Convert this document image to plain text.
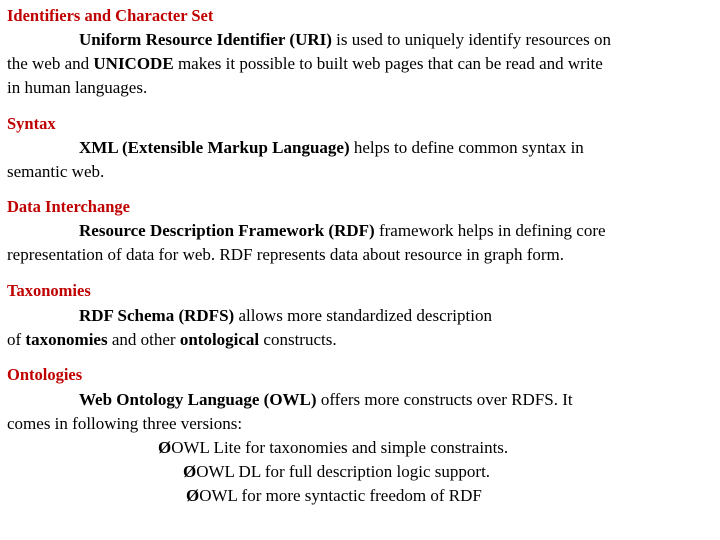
Identifiers and Character Set
Uniform Resource Identifier (URI) is used to uniquely identify resources on
the web and UNICODE makes it possible to built web pages that can be read and write
in human languages.
Syntax
XML (Extensible Markup Language) helps to define common syntax in
semantic web.
Data Interchange
Resource Description Framework (RDF) framework helps in defining core
representation of data for web. RDF represents data about resource in graph form.
Taxonomies
RDF Schema (RDFS) allows more standardized description
of taxonomies and other ontological constructs.
Ontologies
Web Ontology Language (OWL) offers more constructs over RDFS. It
comes in following three versions:
ØOWL Lite for taxonomies and simple constraints.
ØOWL DL for full description logic support.
ØOWL for more syntactic freedom of RDF
